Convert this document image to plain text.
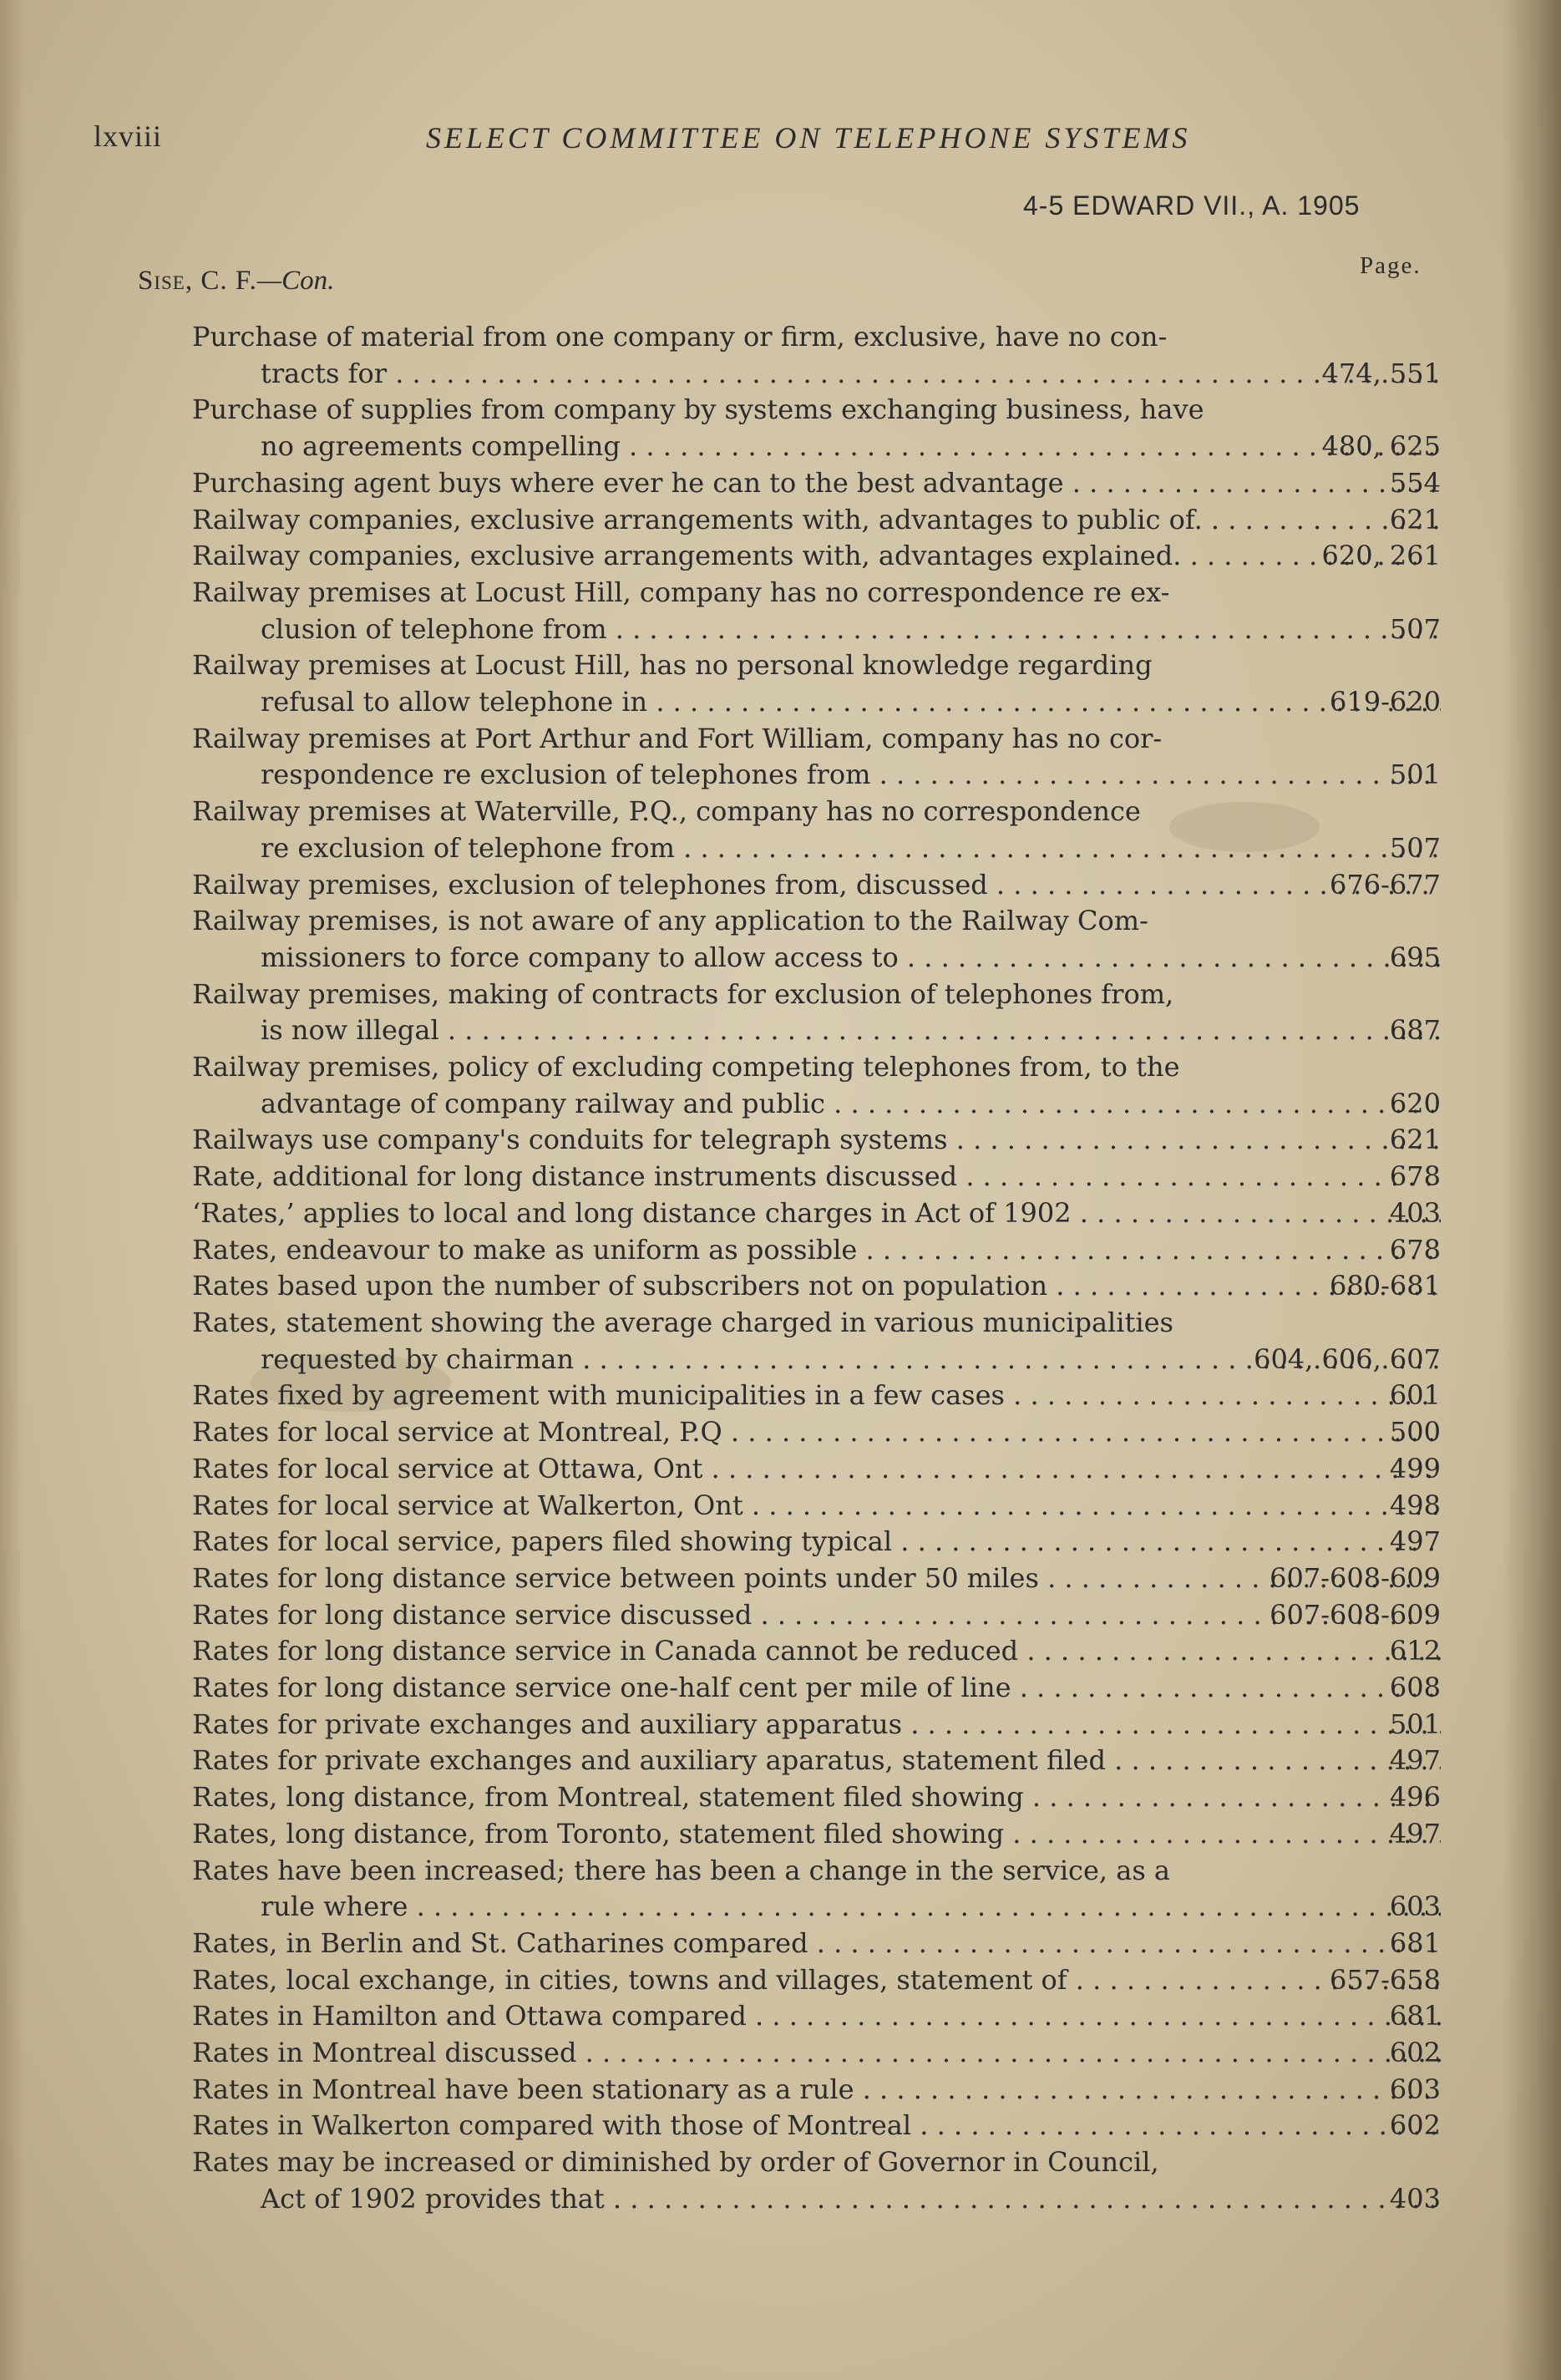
lxviii	SELECT COMMITTEE ON TELEPHONE SYSTEMS
4-5 EDWARD VII., A. 1905
Page.
Sise, C. F.—Con.
Purchase of material from one company or firm, exclusive, have no con-
tracts for . . .	474, 551
Purchase of supplies from company by systems exchanging business, have
no agreements compelling . . .	480, 625
Purchasing agent buys where ever he can to the best advantage . . .	554
Railway companies, exclusive arrangements with, advantages to public of. . . .	621
Railway companies, exclusive arrangements with, advantages explained. . . .	620, 261
Railway premises at Locust Hill, company has no correspondence re ex-
clusion of telephone from . . .	507
Railway premises at Locust Hill, has no personal knowledge regarding
refusal to allow telephone in . . .	619-620
Railway premises at Port Arthur and Fort William, company has no cor-
respondence re exclusion of telephones from . . .	501
Railway premises at Waterville, P.Q., company has no correspondence
re exclusion of telephone from . . .	507
Railway premises, exclusion of telephones from, discussed . . .	676-677
Railway premises, is not aware of any application to the Railway Com-
missioners to force company to allow access to . . .	695
Railway premises, making of contracts for exclusion of telephones from,
is now illegal . . .	687
Railway premises, policy of excluding competing telephones from, to the
advantage of company railway and public . . .	620
Railways use company's conduits for telegraph systems . . .	621
Rate, additional for long distance instruments discussed . . .	678
‘Rates,’ applies to local and long distance charges in Act of 1902 . . .	403
Rates, endeavour to make as uniform as possible . . .	678
Rates based upon the number of subscribers not on population . . .	680-681
Rates, statement showing the average charged in various municipalities
requested by chairman . . .	604, 606, 607
Rates fixed by agreement with municipalities in a few cases . . .	601
Rates for local service at Montreal, P.Q . . .	500
Rates for local service at Ottawa, Ont . . .	499
Rates for local service at Walkerton, Ont . . .	498
Rates for local service, papers filed showing typical . . .	497
Rates for long distance service between points under 50 miles . . .	607-608-609
Rates for long distance service discussed . . .	607-608-609
Rates for long distance service in Canada cannot be reduced . . .	612
Rates for long distance service one-half cent per mile of line . . .	608
Rates for private exchanges and auxiliary apparatus . . .	501
Rates for private exchanges and auxiliary aparatus, statement filed . . .	497
Rates, long distance, from Montreal, statement filed showing . . .	496
Rates, long distance, from Toronto, statement filed showing . . .	497
Rates have been increased; there has been a change in the service, as a
rule where . . .	603
Rates, in Berlin and St. Catharines compared . . .	681
Rates, local exchange, in cities, towns and villages, statement of . . .	657-658
Rates in Hamilton and Ottawa compared . . .	681
Rates in Montreal discussed . . .	602
Rates in Montreal have been stationary as a rule . . .	603
Rates in Walkerton compared with those of Montreal . . .	602
Rates may be increased or diminished by order of Governor in Council,
Act of 1902 provides that . . .	403
